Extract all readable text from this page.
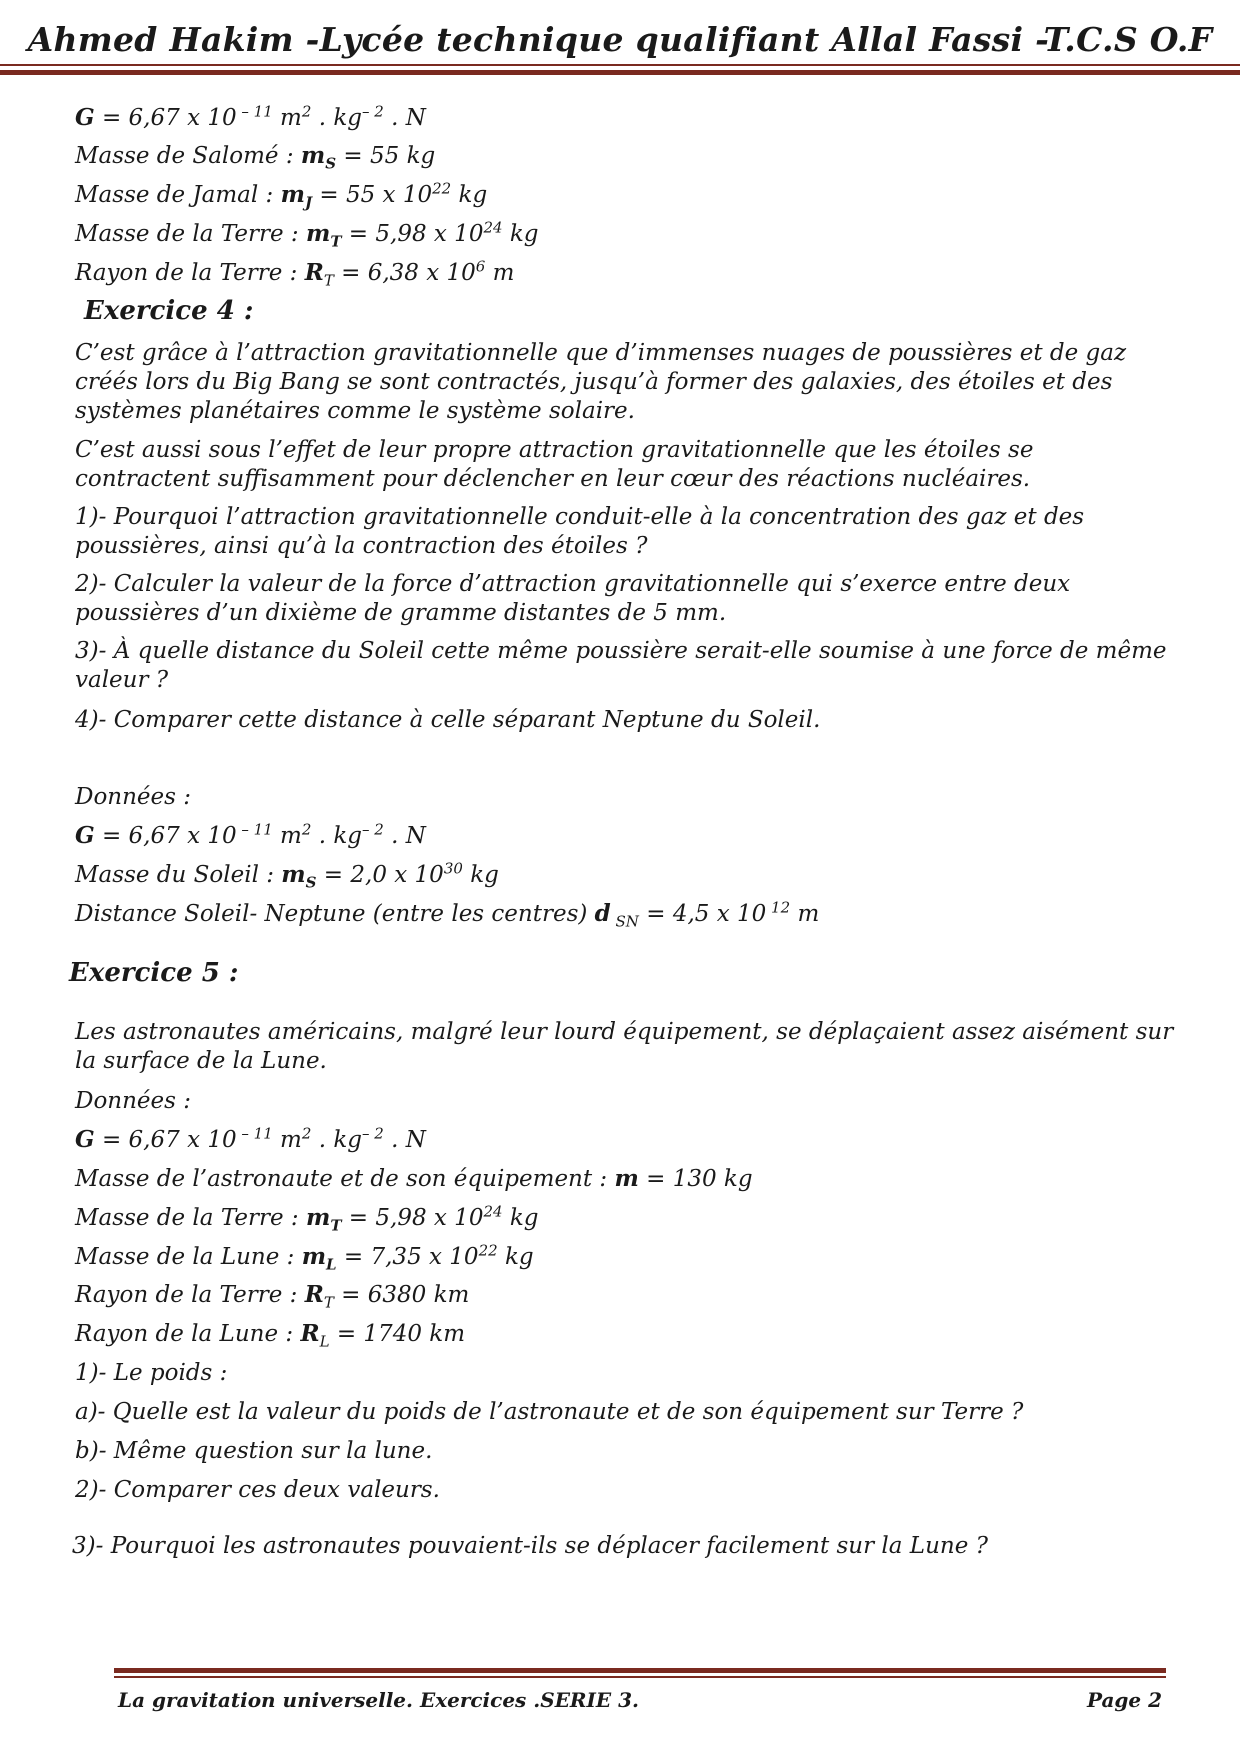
Ahmed Hakim -Lycée technique qualifiant Allal Fassi -T.C.S O.F
G = 6,67 x 10 $^{- 11}$ $m^2$ . $kg^{- 2}$ . N
Masse de Salomé : $m_S = 55$ kg
Masse de Jamal : $m_J = 55$ x $10^{22}$ kg
Masse de la Terre : $m_T = 5,98$ x $10^{24}$ kg
Rayon de la Terre : $R_T = 6,38$ x $10^6$ m
Exercice 4 :
C’est grâce à l’attraction gravitationnelle que d’immenses nuages de poussières et de gaz créés lors du Big Bang se sont contractés, jusqu’à former des galaxies, des étoiles et des systèmes planétaires comme le système solaire.
C’est aussi sous l’effet de leur propre attraction gravitationnelle que les étoiles se contractent suffisamment pour déclencher en leur cœur des réactions nucléaires.
1)- Pourquoi l’attraction gravitationnelle conduit-elle à la concentration des gaz et des poussières, ainsi qu’à la contraction des étoiles ?
2)- Calculer la valeur de la force d’attraction gravitationnelle qui s’exerce entre deux poussières d’un dixième de gramme distantes de 5 mm.
3)- À quelle distance du Soleil cette même poussière serait-elle soumise à une force de même valeur ?
4)- Comparer cette distance à celle séparant Neptune du Soleil.
Données :
G = 6,67 x 10 $^{- 11}$ $m^2$ . $kg^{- 2}$ . N
Masse du Soleil : $m_S = 2,0$ x $10^{30}$ kg
Distance Soleil- Neptune (entre les centres) d $_{SN}$ = 4,5 x 10 $^{12}$ m
Exercice 5 :
Les astronautes américains, malgré leur lourd équipement, se déplaçaient assez aisément sur la surface de la Lune.
Données :
G = 6,67 x 10 $^{- 11}$ $m^2$ . $kg^{- 2}$ . N
Masse de l’astronaute et de son équipement : m = 130 kg
Masse de la Terre : $m_T = 5,98$ x $10^{24}$ kg
Masse de la Lune : $m_L = 7,35$ x $10^{22}$ kg
Rayon de la Terre : $R_T = 6380$ km
Rayon de la Lune : $R_L = 1740$ km
1)- Le poids :
a)- Quelle est la valeur du poids de l’astronaute et de son équipement sur Terre ?
b)- Même question sur la lune.
2)- Comparer ces deux valeurs.
3)- Pourquoi les astronautes pouvaient-ils se déplacer facilement sur la Lune ?
La gravitation universelle. Exercices .SERIE 3.	Page 2
